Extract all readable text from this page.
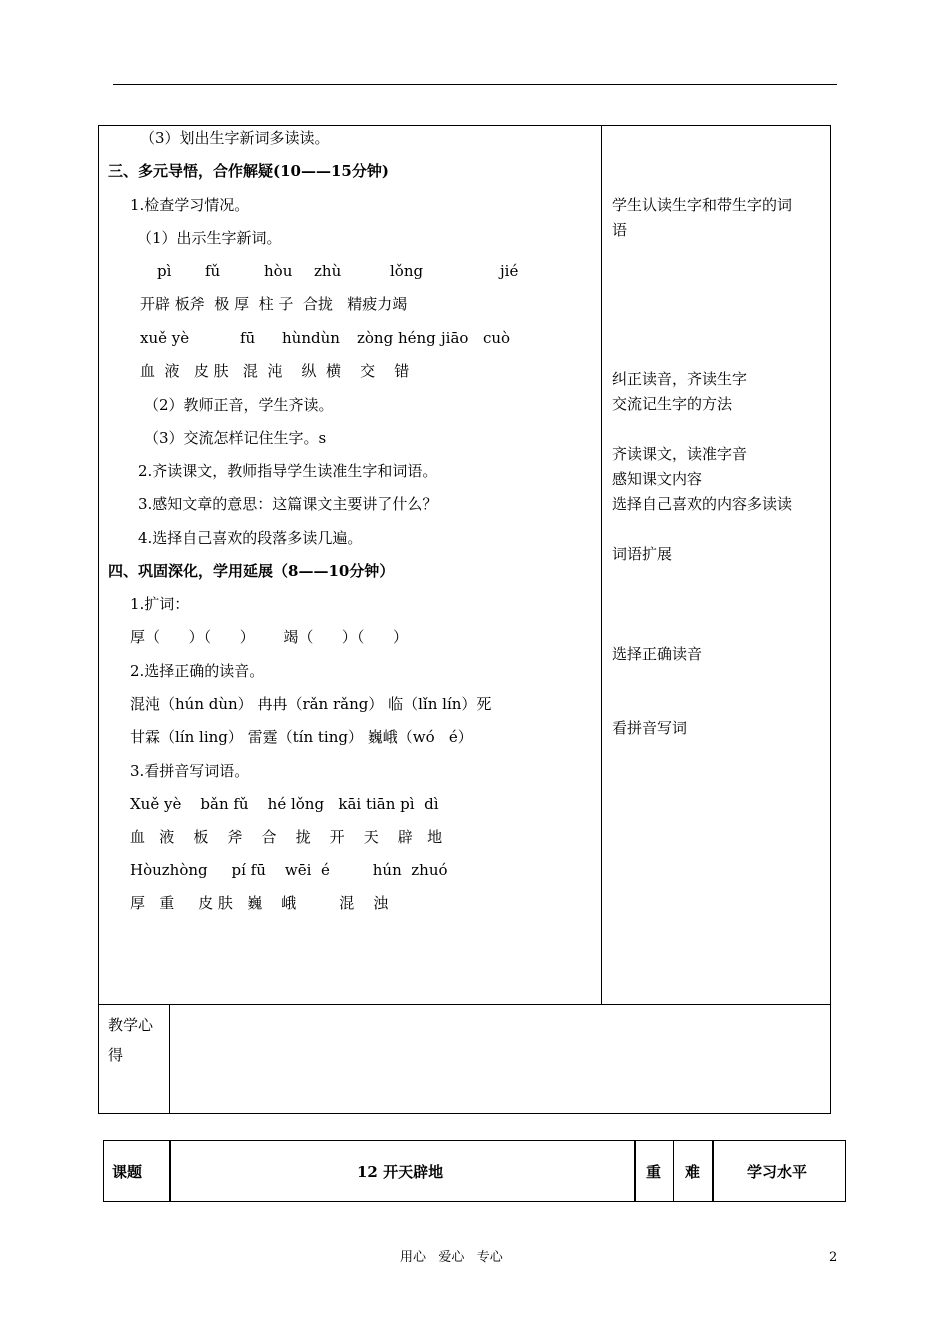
（3）划出生字新词多读读。
三、多元导悟，合作解疑(10——15分钟)
1.检查学习情况。
（1）出示生字新词。
pì fǔ	hòu zhù	lǒng	jié
开辟 板斧  极 厚  柱 子  合拢   精疲力竭
xuě yè	fū hùndùn zòng héng jiāo cuò
血  液   皮 肤   混  沌    纵  横    交    错
（2）教师正音，学生齐读。
（3）交流怎样记住生字。s
2.齐读课文，教师指导学生读准生字和词语。
3.感知文章的意思：这篇课文主要讲了什么？
4.选择自己喜欢的段落多读几遍。
四、巩固深化，学用延展（8——10分钟）
1.扩词：
厚（      ）（      ）      竭（      ）（      ）
2.选择正确的读音。
混沌（hún dùn） 冉冉（rǎn rǎng） 临（lǐn lín）死
甘霖（lín ling） 雷霆（tín ting） 巍峨（wó   é）
3.看拼音写词语。
Xuě yè    bǎn fǔ    hé lǒng   kāi tiān pì  dì
血   液    板    斧    合    拢    开    天    辟   地
Hòuzhòng     pí fū    wēi  é         hún  zhuó
厚   重     皮 肤   巍    峨         混    浊
学生认读生字和带生字的词
语
纠正读音，齐读生字
交流记生字的方法
齐读课文，读准字音
感知课文内容
选择自己喜欢的内容多读读
词语扩展
选择正确读音
看拼音写词
教学心
得
课题	12 开天辟地	重 难	学习水平
用心   爱心   专心	2
